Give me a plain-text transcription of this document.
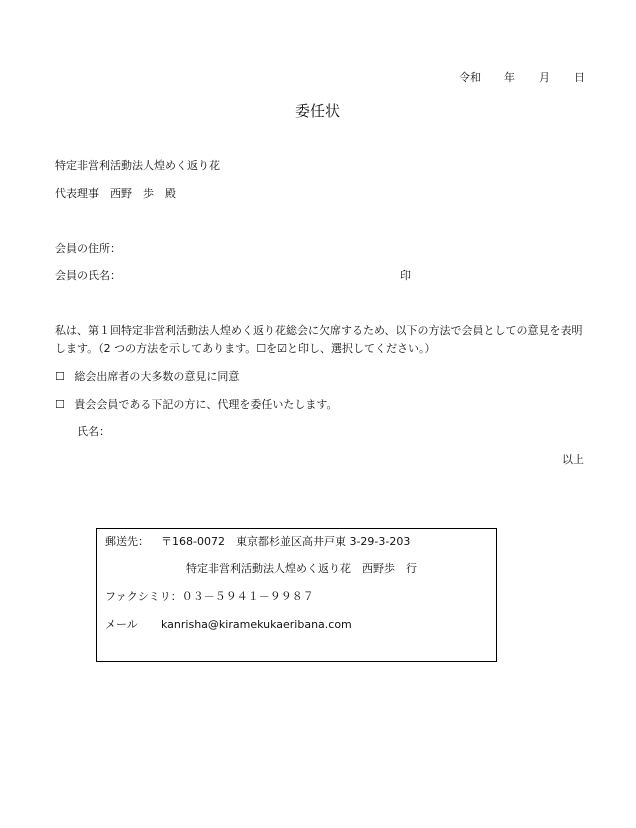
令和 年 月 日
委任状
特定非営利活動法人煌めく返り花
代表理事　西野　歩　殿
会員の住所：
会員の氏名：	印
私は、第１回特定非営利活動法人煌めく返り花総会に欠席するため、以下の方法で会員としての意見を表明します。（2 つの方法を示してあります。☐を☑と印し、選択してください。）
☐ 総会出席者の大多数の意見に同意
☐ 貴会会員である下記の方に、代理を委任いたします。
氏名：
以上
郵送先： 〒168-0072　東京都杉並区高井戸東 3-29-3-203
特定非営利活動法人煌めく返り花　西野歩　行
ファクシミリ：０３－５９４１－９９８７
メール kanrisha@kiramekukaeribana.com
